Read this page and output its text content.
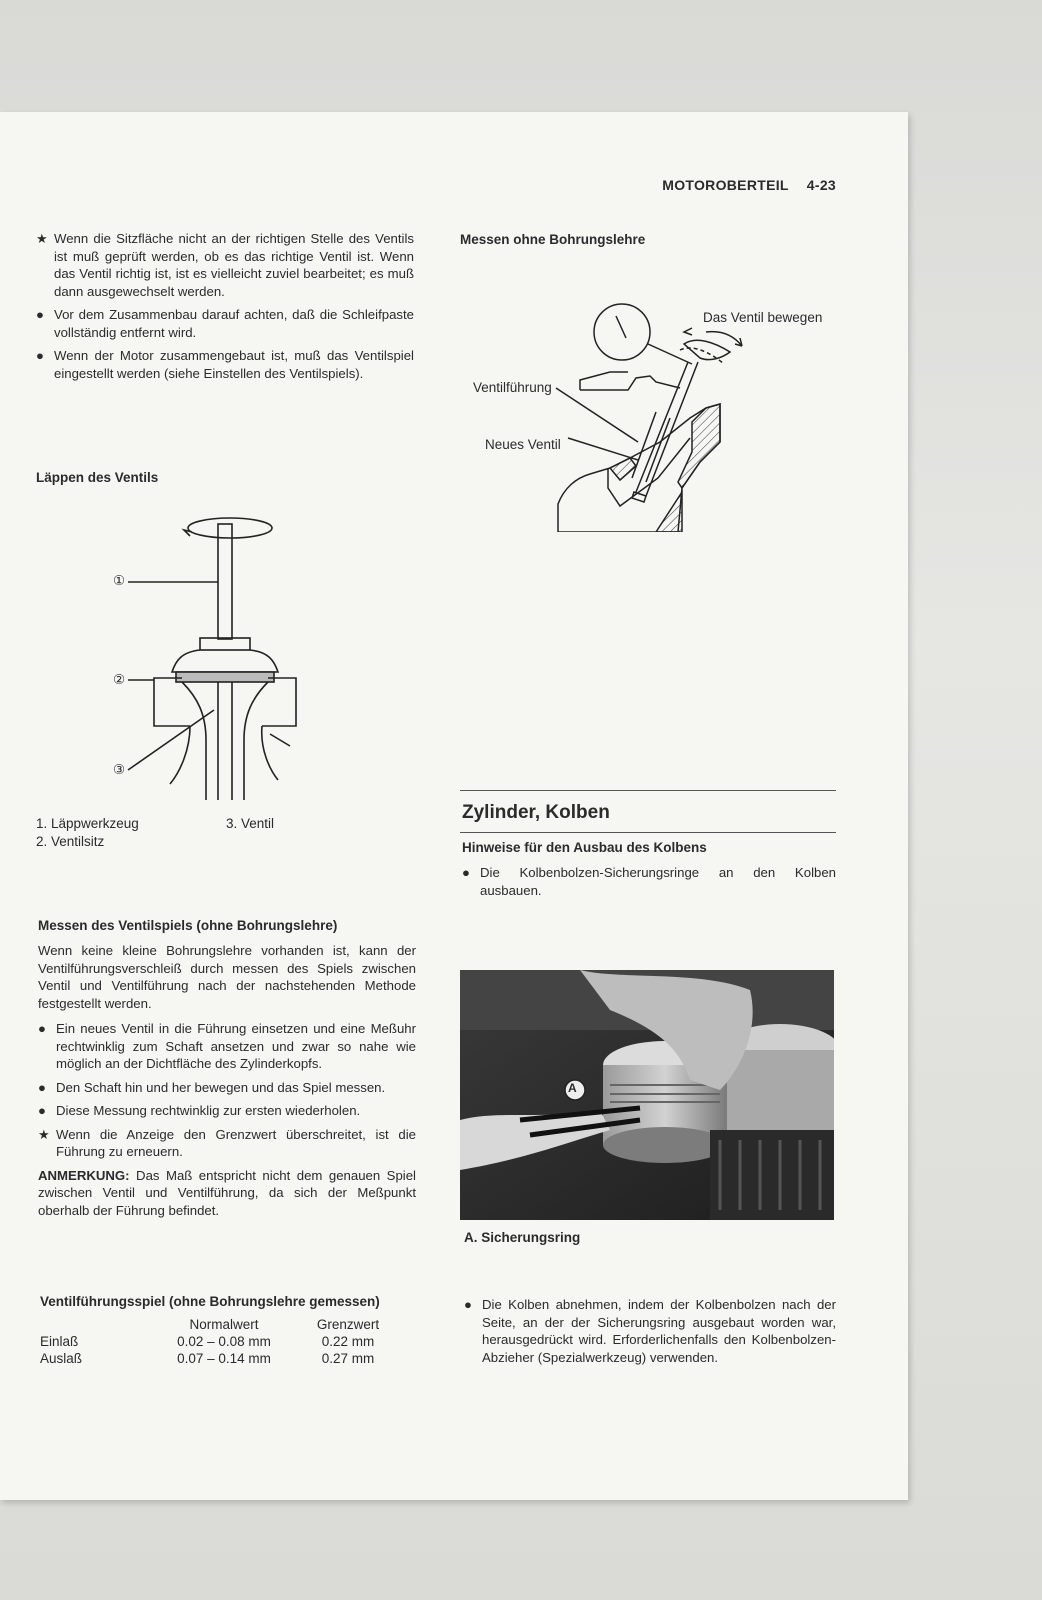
MOTOROBERTEIL 4-23
★ Wenn die Sitzfläche nicht an der richtigen Stelle des Ventils ist muß geprüft werden, ob es das richtige Ventil ist. Wenn das Ventil richtig ist, ist es vielleicht zuviel bearbeitet; es muß dann ausgewechselt werden.
● Vor dem Zusammenbau darauf achten, daß die Schleifpaste vollständig entfernt wird.
● Wenn der Motor zusammengebaut ist, muß das Ventilspiel eingestellt werden (siehe Einstellen des Ventilspiels).
Läppen des Ventils
①
②
③
1. Läppwerkzeug
2. Ventilsitz
3. Ventil
Messen des Ventilspiels (ohne Bohrungslehre)
Wenn keine kleine Bohrungslehre vorhanden ist, kann der Ventilführungsverschleiß durch messen des Spiels zwischen Ventil und Ventilführung nach der nachstehenden Methode festgestellt werden.
● Ein neues Ventil in die Führung einsetzen und eine Meßuhr rechtwinklig zum Schaft ansetzen und zwar so nahe wie möglich an der Dichtfläche des Zylinderkopfs.
● Den Schaft hin und her bewegen und das Spiel messen.
● Diese Messung rechtwinklig zur ersten wiederholen.
★ Wenn die Anzeige den Grenzwert überschreitet, ist die Führung zu erneuern.
ANMERKUNG: Das Maß entspricht nicht dem genauen Spiel zwischen Ventil und Ventilführung, da sich der Meßpunkt oberhalb der Führung befindet.
Ventilführungsspiel (ohne Bohrungslehre gemessen)
	Normalwert	Grenzwert
Einlaß	0.02 – 0.08 mm	0.22 mm
Auslaß	0.07 – 0.14 mm	0.27 mm
Messen ohne Bohrungslehre
Das Ventil bewegen
Ventilführung
Neues Ventil
Zylinder, Kolben
Hinweise für den Ausbau des Kolbens
● Die Kolbenbolzen-Sicherungsringe an den Kolben ausbauen.
A
A. Sicherungsring
● Die Kolben abnehmen, indem der Kolbenbolzen nach der Seite, an der der Sicherungsring ausgebaut worden war, herausgedrückt wird. Erforderlichenfalls den Kolbenbolzen-Abzieher (Spezialwerkzeug) verwenden.
